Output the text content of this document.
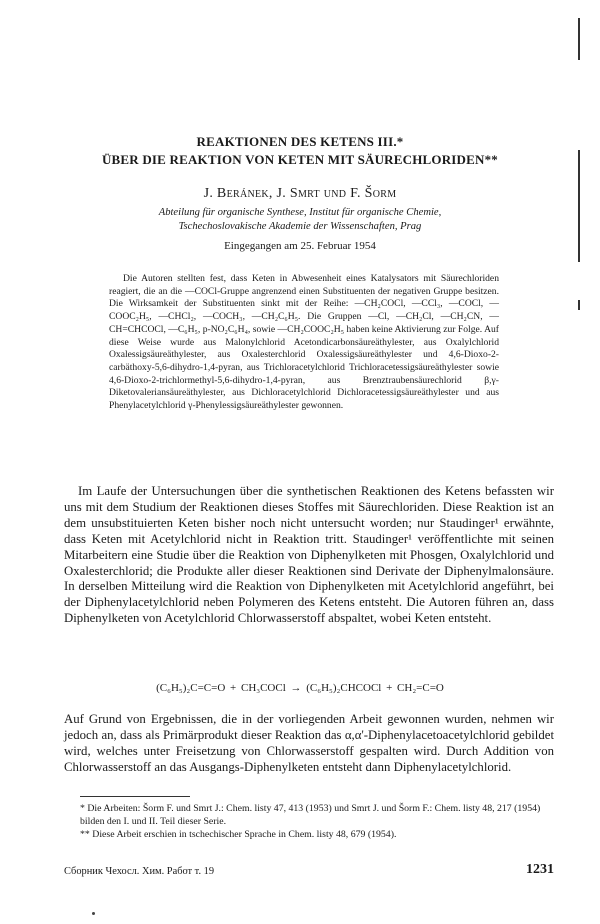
REAKTIONEN DES KETENS III.*
ÜBER DIE REAKTION VON KETEN MIT SÄURECHLORIDEN**
J. Beránek, J. Smrt und F. Šorm
Abteilung für organische Synthese, Institut für organische Chemie,
Tschechoslovakische Akademie der Wissenschaften, Prag
Eingegangen am 25. Februar 1954

Die Autoren stellten fest, dass Keten in Abwesenheit eines Katalysators mit Säurechloriden reagiert, die an die —COCl-Gruppe angrenzend einen Substituenten der negativen Gruppe besitzen. Die Wirksamkeit der Substituenten sinkt mit der Reihe: —CH₂COCl, —CCl₃, —COCl, —COOC₂H₅, —CHCl₂, —COCH₃, —CH₂C₆H₅. Die Gruppen —Cl, —CH₂Cl, —CH₂CN, —CH=CHCOCl, —C₆H₅, p-NO₂C₆H₄, sowie —CH₂COOC₂H₅ haben keine Aktivierung zur Folge. Auf diese Weise wurde aus Malonylchlorid Acetondicarbonsäureäthylester, aus Oxalylchlorid Oxalessigsäureäthylester, aus Oxalesterchlorid Oxalessigsäureäthylester und 4,6-Dioxo-2-carbäthoxy-5,6-dihydro-1,4-pyran, aus Trichloracetylchlorid Trichloracetessigsäureäthylester sowie 4,6-Dioxo-2-trichlormethyl-5,6-dihydro-1,4-pyran, aus Brenztraubensäurechlorid β,γ-Diketovaleriansäureäthylester, aus Dichloracetylchlorid Dichloracetessigsäureäthylester und aus Phenylacetylchlorid γ-Phenylessigsäureäthylester gewonnen.

Im Laufe der Untersuchungen über die synthetischen Reaktionen des Ketens befassten wir uns mit dem Studium der Reaktionen dieses Stoffes mit Säurechloriden. Diese Reaktion ist an dem unsubstituierten Keten bisher noch nicht untersucht worden; nur Staudinger¹ erwähnte, dass Keten mit Acetylchlorid nicht in Reaktion tritt. Staudinger¹ veröffentlichte mit seinen Mitarbeitern eine Studie über die Reaktion von Diphenylketen mit Phosgen, Oxalylchlorid und Oxalesterchlorid; die Produkte aller dieser Reaktionen sind Derivate der Diphenylmalonsäure. In derselben Mitteilung wird die Reaktion von Diphenylketen mit Acetylchlorid angeführt, bei der Diphenylacetylchlorid neben Polymeren des Ketens entsteht. Die Autoren führen an, dass Diphenylketen von Acetylchlorid Chlorwasserstoff abspaltet, wobei Keten entsteht.

(C₆H₅)₂C=C=O + CH₃COCl → (C₆H₅)₂CHCOCl + CH₂=C=O

Auf Grund von Ergebnissen, die in der vorliegenden Arbeit gewonnen wurden, nehmen wir jedoch an, dass als Primärprodukt dieser Reaktion das α,α'-Diphenylacetoacetylchlorid gebildet wird, welches unter Freisetzung von Chlorwasserstoff gespalten wird. Durch Addition von Chlorwasserstoff an das Ausgangs-Diphenylketen entsteht dann Diphenylacetylchlorid.

* Die Arbeiten: Šorm F. und Smrt J.: Chem. listy 47, 413 (1953) und Smrt J. und Šorm F.: Chem. listy 48, 217 (1954) bilden den I. und II. Teil dieser Serie.

** Diese Arbeit erschien in tschechischer Sprache in Chem. listy 48, 679 (1954).

Сборник Чехосл. Хим. Работ т. 19	1231
